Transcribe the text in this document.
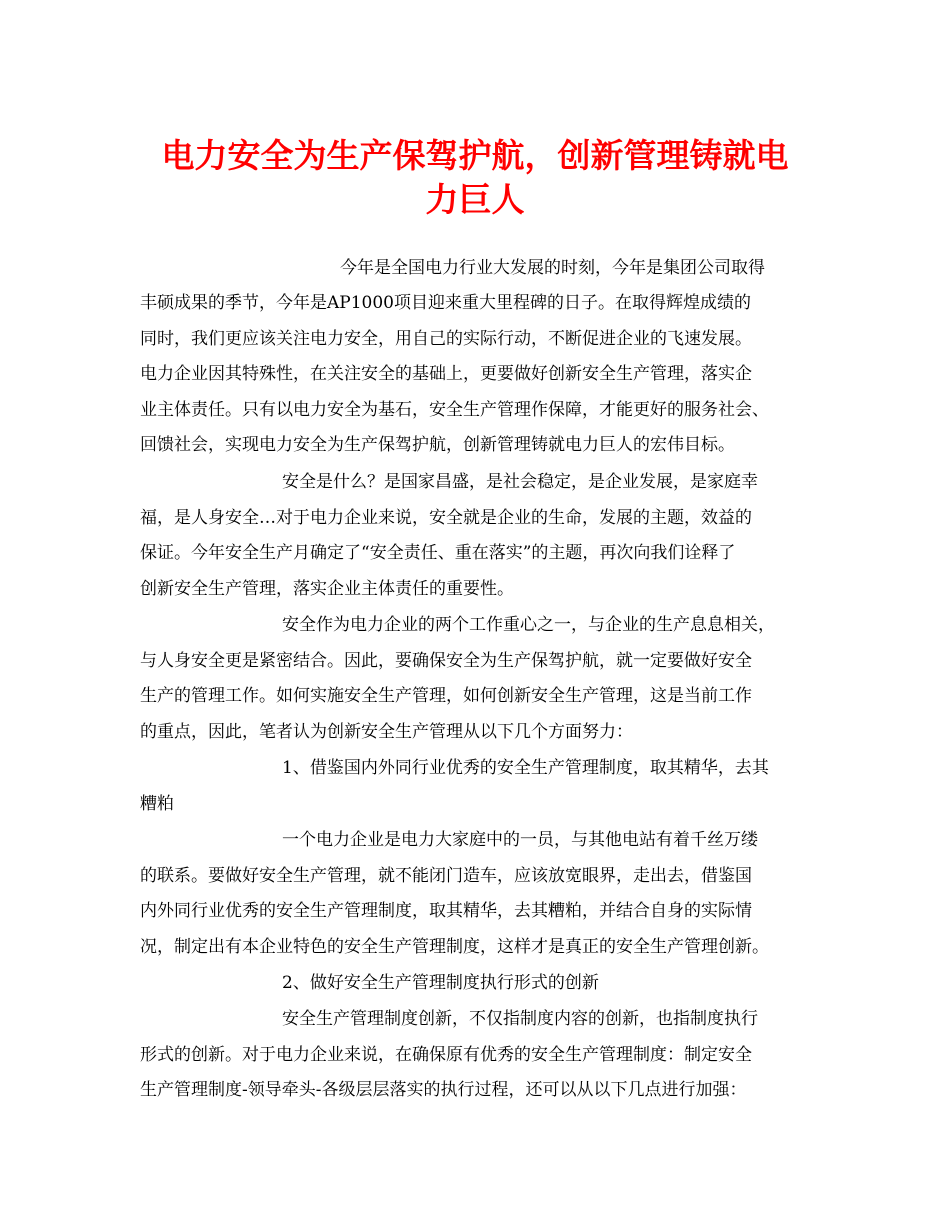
电力安全为生产保驾护航，创新管理铸就电
力巨人

今年是全国电力行业大发展的时刻，今年是集团公司取得

丰硕成果的季节，今年是AP1000项目迎来重大里程碑的日子。在取得辉煌成绩的

同时，我们更应该关注电力安全，用自己的实际行动，不断促进企业的飞速发展。

电力企业因其特殊性，在关注安全的基础上，更要做好创新安全生产管理，落实企

业主体责任。只有以电力安全为基石，安全生产管理作保障，才能更好的服务社会、

回馈社会，实现电力安全为生产保驾护航，创新管理铸就电力巨人的宏伟目标。

安全是什么？是国家昌盛，是社会稳定，是企业发展，是家庭幸

福，是人身安全…对于电力企业来说，安全就是企业的生命，发展的主题，效益的

保证。今年安全生产月确定了“安全责任、重在落实”的主题，再次向我们诠释了

创新安全生产管理，落实企业主体责任的重要性。

安全作为电力企业的两个工作重心之一，与企业的生产息息相关，

与人身安全更是紧密结合。因此，要确保安全为生产保驾护航，就一定要做好安全

生产的管理工作。如何实施安全生产管理，如何创新安全生产管理，这是当前工作

的重点，因此，笔者认为创新安全生产管理从以下几个方面努力：

1、借鉴国内外同行业优秀的安全生产管理制度，取其精华，去其

糟粕

一个电力企业是电力大家庭中的一员，与其他电站有着千丝万缕

的联系。要做好安全生产管理，就不能闭门造车，应该放宽眼界，走出去，借鉴国

内外同行业优秀的安全生产管理制度，取其精华，去其糟粕，并结合自身的实际情

况，制定出有本企业特色的安全生产管理制度，这样才是真正的安全生产管理创新。

2、做好安全生产管理制度执行形式的创新

安全生产管理制度创新，不仅指制度内容的创新，也指制度执行

形式的创新。对于电力企业来说，在确保原有优秀的安全生产管理制度：制定安全

生产管理制度-领导牵头-各级层层落实的执行过程，还可以从以下几点进行加强：
